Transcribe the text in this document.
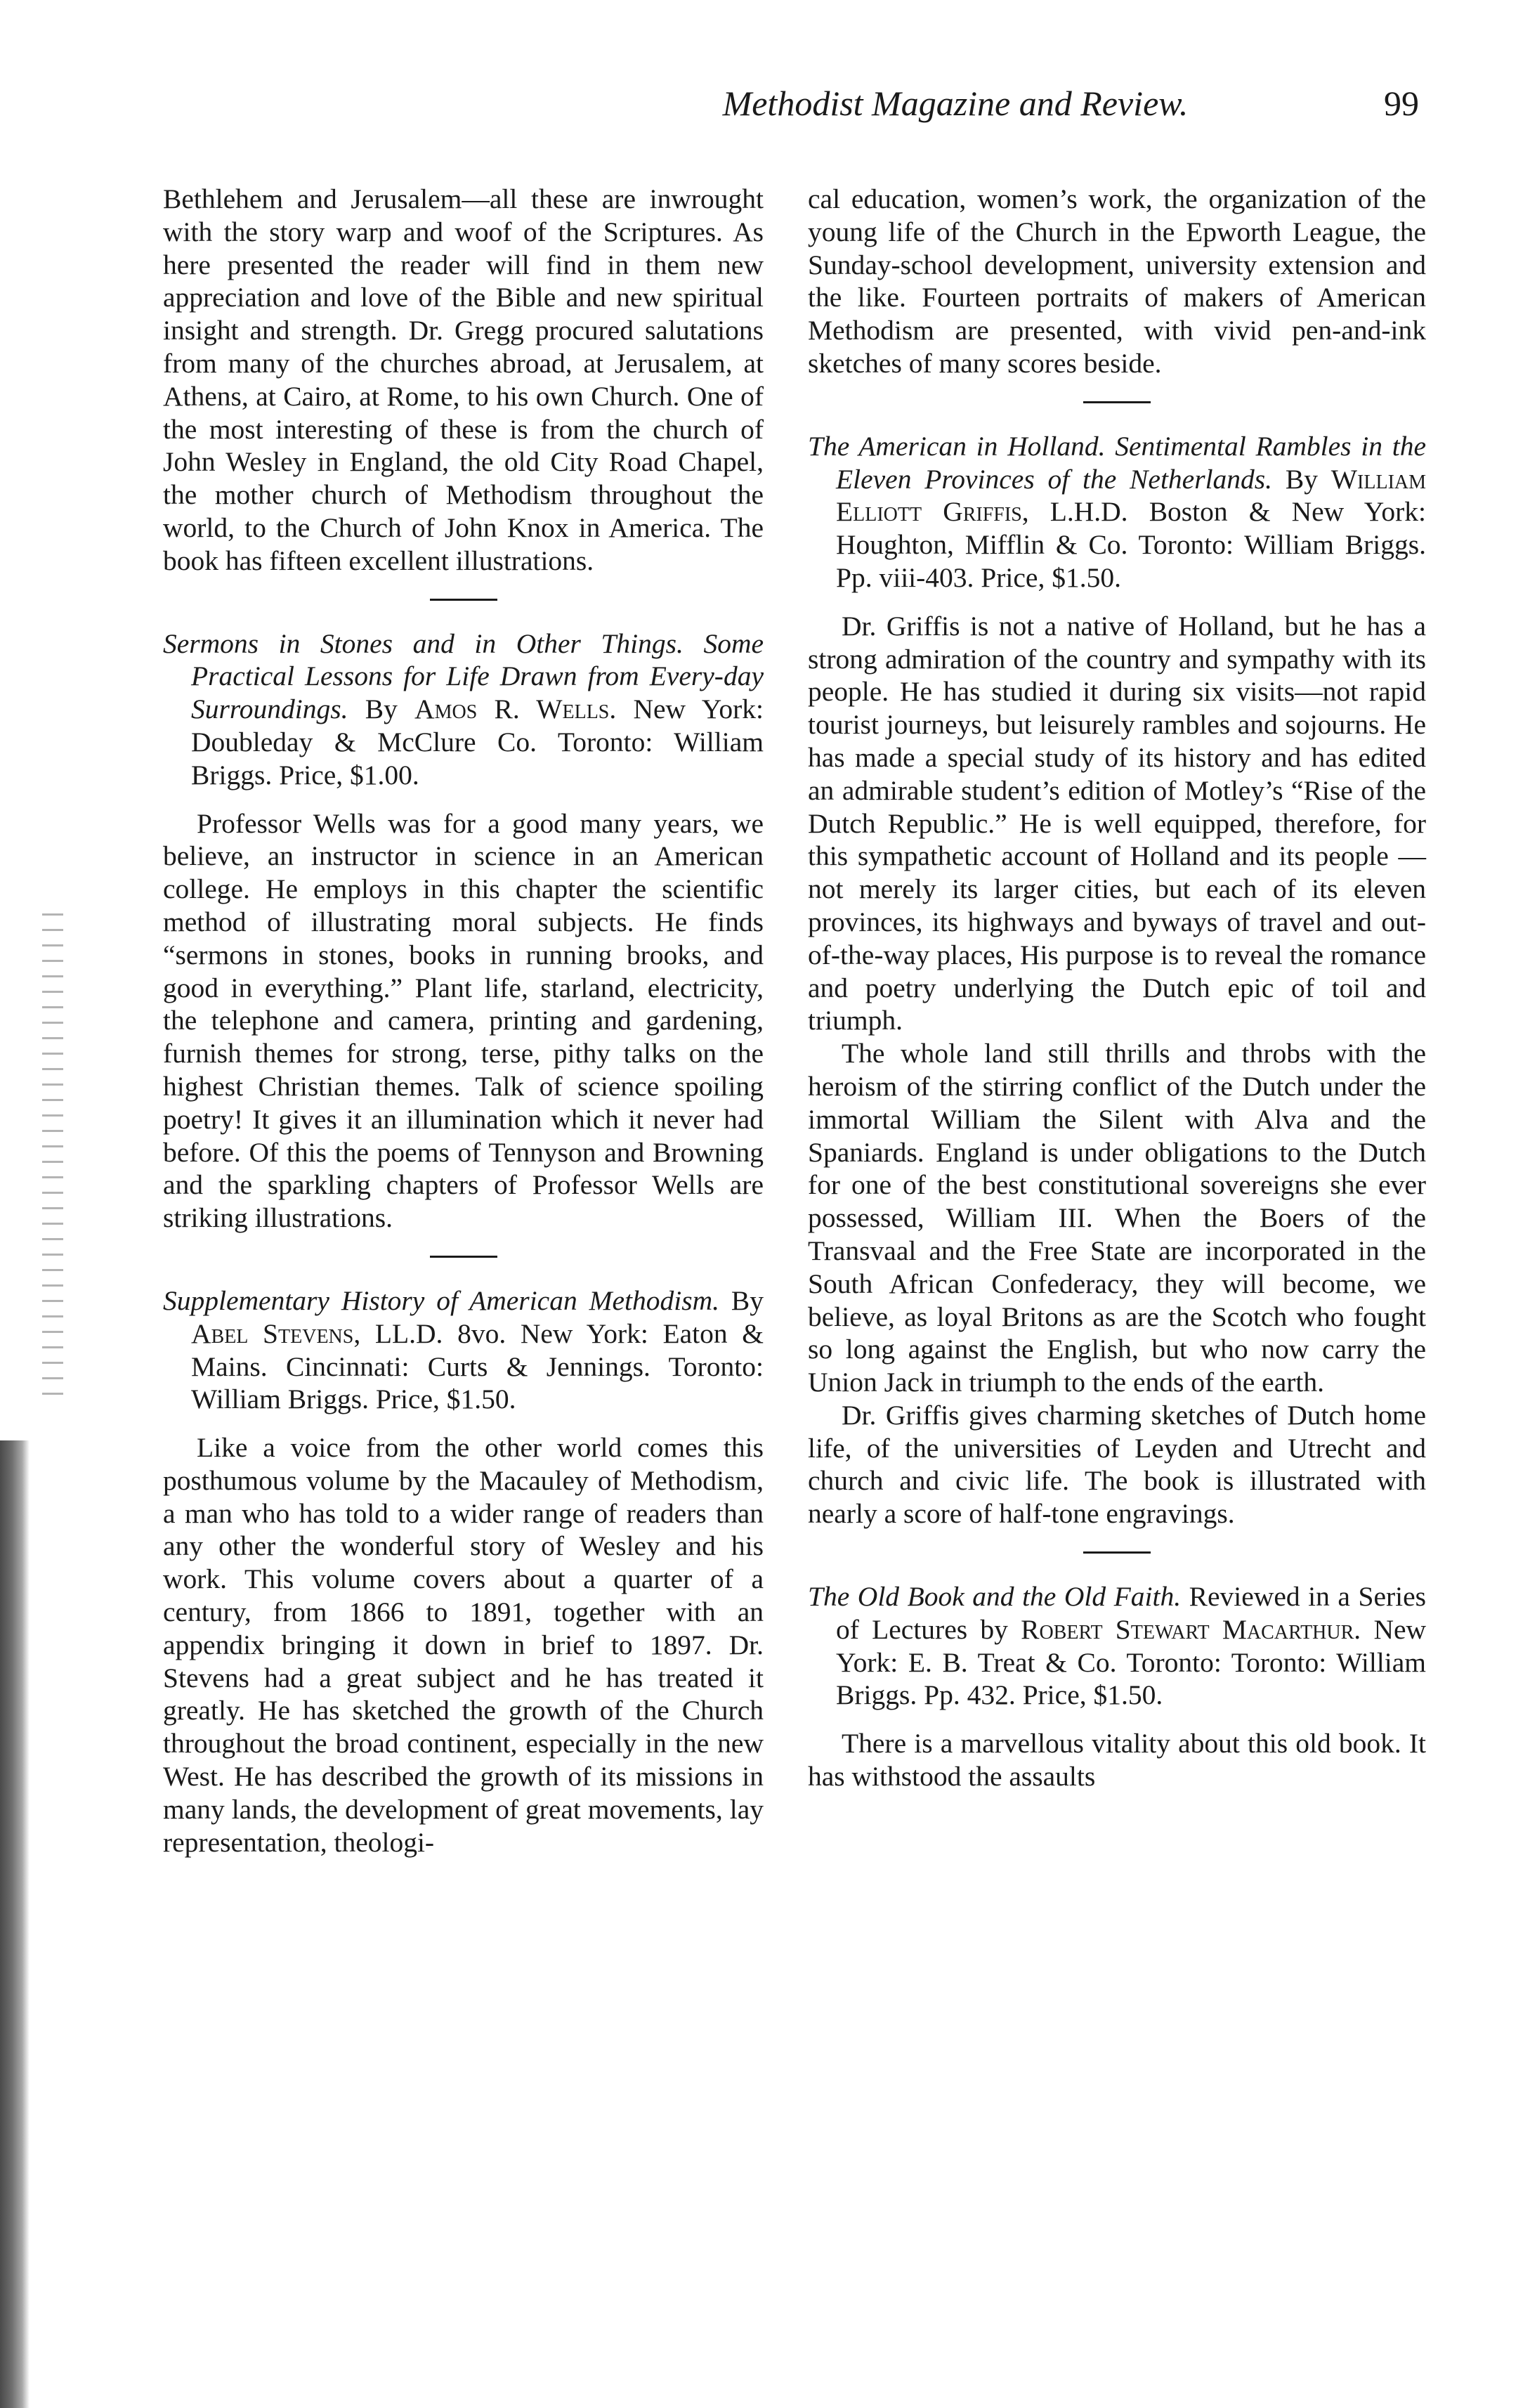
Methodist Magazine and Review.	99

Bethlehem and Jerusalem—all these are inwrought with the story warp and woof of the Scriptures. As here presented the reader will find in them new appreciation and love of the Bible and new spiritual insight and strength. Dr. Gregg procured salutations from many of the churches abroad, at Jerusalem, at Athens, at Cairo, at Rome, to his own Church. One of the most interesting of these is from the church of John Wesley in England, the old City Road Chapel, the mother church of Methodism throughout the world, to the Church of John Knox in America. The book has fifteen excellent illustrations.

Sermons in Stones and in Other Things. Some Practical Lessons for Life Drawn from Every-day Surroundings. By Amos R. Wells. New York: Doubleday & McClure Co. Toronto: William Briggs. Price, $1.00.

Professor Wells was for a good many years, we believe, an instructor in science in an American college. He employs in this chapter the scientific method of illustrating moral subjects. He finds “sermons in stones, books in running brooks, and good in everything.” Plant life, starland, electricity, the telephone and camera, printing and gardening, furnish themes for strong, terse, pithy talks on the highest Christian themes. Talk of science spoiling poetry! It gives it an illumination which it never had before. Of this the poems of Tennyson and Browning and the sparkling chapters of Professor Wells are striking illustrations.

Supplementary History of American Methodism. By Abel Stevens, LL.D. 8vo. New York: Eaton & Mains. Cincinnati: Curts & Jennings. Toronto: William Briggs. Price, $1.50.

Like a voice from the other world comes this posthumous volume by the Macauley of Methodism, a man who has told to a wider range of readers than any other the wonderful story of Wesley and his work. This volume covers about a quarter of a century, from 1866 to 1891, together with an appendix bringing it down in brief to 1897. Dr. Stevens had a great subject and he has treated it greatly. He has sketched the growth of the Church throughout the broad continent, especially in the new West. He has described the growth of its missions in many lands, the development of great movements, lay representation, theologi-

cal education, women’s work, the organization of the young life of the Church in the Epworth League, the Sunday-school development, university extension and the like. Fourteen portraits of makers of American Methodism are presented, with vivid pen-and-ink sketches of many scores beside.

The American in Holland. Sentimental Rambles in the Eleven Provinces of the Netherlands. By William Elliott Griffis, L.H.D. Boston & New York: Houghton, Mifflin & Co. Toronto: William Briggs. Pp. viii-403. Price, $1.50.

Dr. Griffis is not a native of Holland, but he has a strong admiration of the country and sympathy with its people. He has studied it during six visits—not rapid tourist journeys, but leisurely rambles and sojourns. He has made a special study of its history and has edited an admirable student’s edition of Motley’s “Rise of the Dutch Republic.” He is well equipped, therefore, for this sympathetic account of Holland and its people —not merely its larger cities, but each of its eleven provinces, its highways and byways of travel and out-of-the-way places, His purpose is to reveal the romance and poetry underlying the Dutch epic of toil and triumph.

The whole land still thrills and throbs with the heroism of the stirring conflict of the Dutch under the immortal William the Silent with Alva and the Spaniards. England is under obligations to the Dutch for one of the best constitutional sovereigns she ever possessed, William III. When the Boers of the Transvaal and the Free State are incorporated in the South African Confederacy, they will become, we believe, as loyal Britons as are the Scotch who fought so long against the English, but who now carry the Union Jack in triumph to the ends of the earth.

Dr. Griffis gives charming sketches of Dutch home life, of the universities of Leyden and Utrecht and church and civic life. The book is illustrated with nearly a score of half-tone engravings.

The Old Book and the Old Faith. Reviewed in a Series of Lectures by Robert Stewart Macarthur. New York: E. B. Treat & Co. Toronto: Toronto: William Briggs. Pp. 432. Price, $1.50.

There is a marvellous vitality about this old book. It has withstood the assaults
